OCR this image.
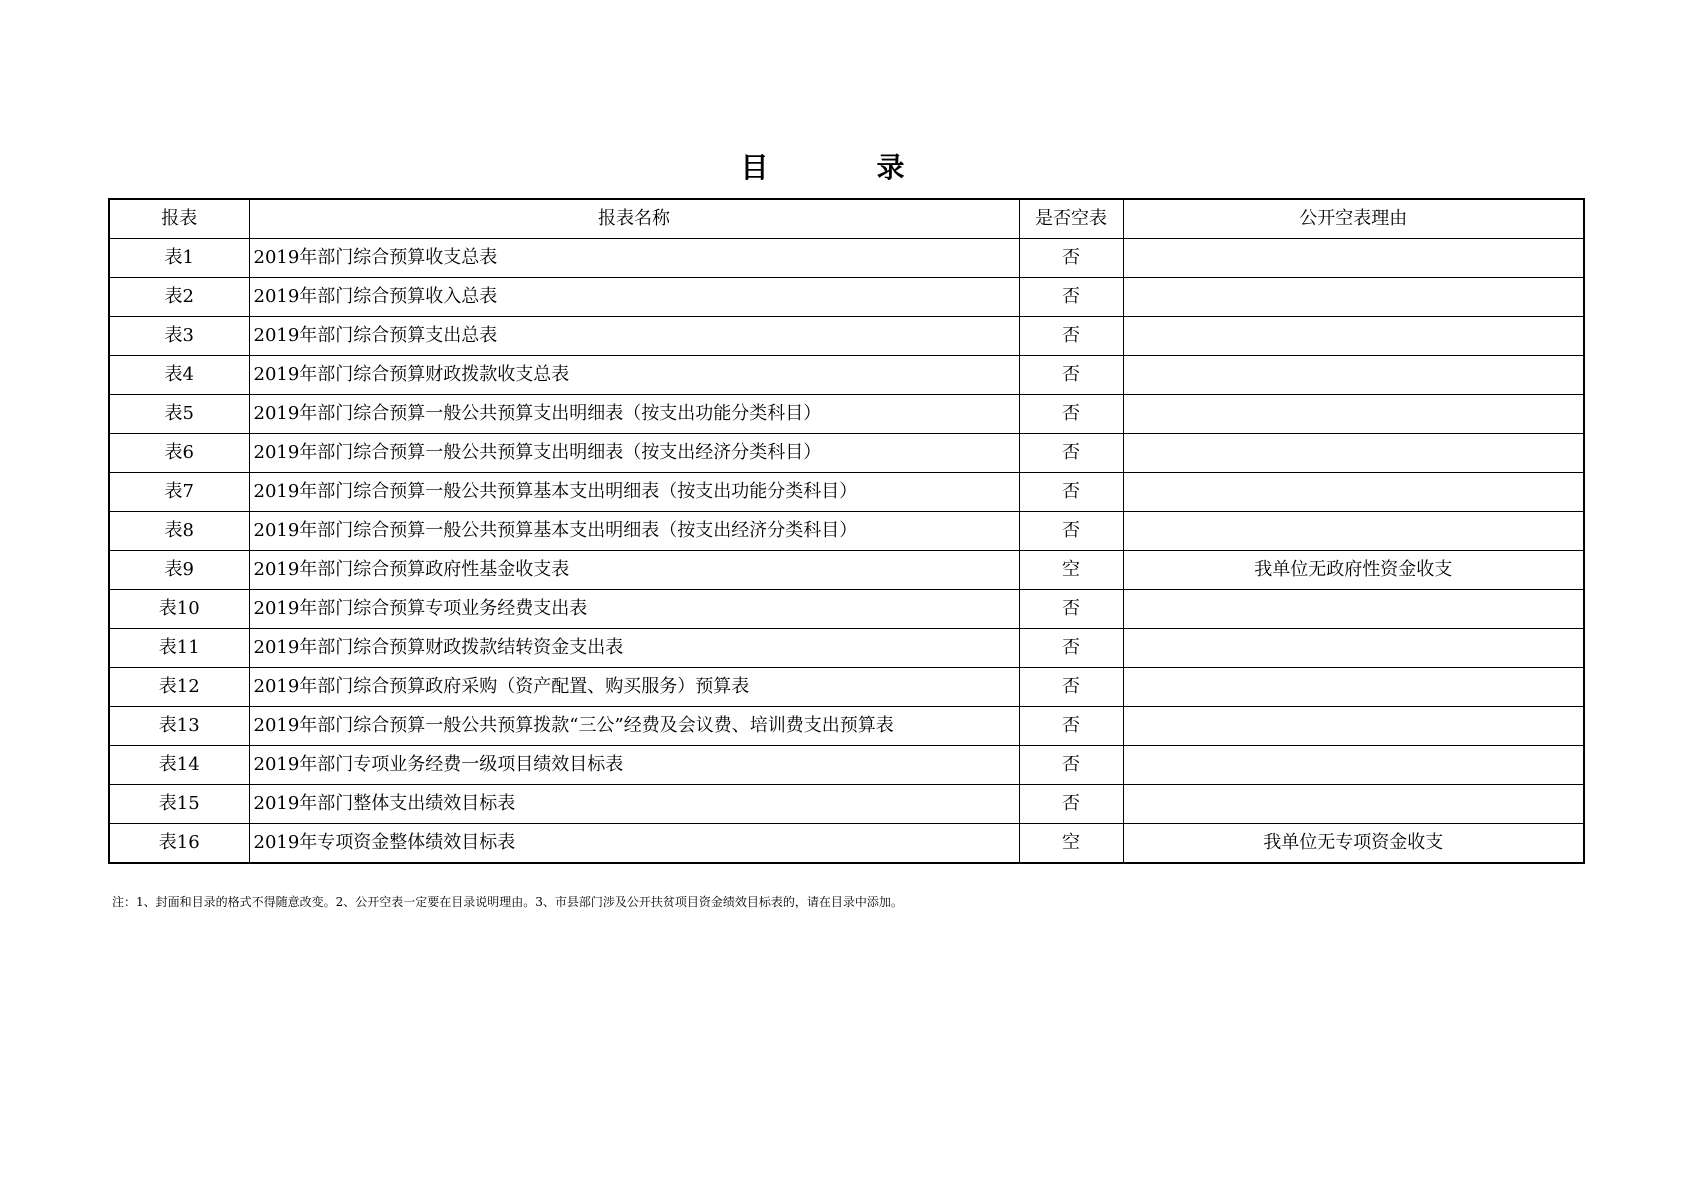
目　录
报表	报表名称	是否空表	公开空表理由
表1	2019年部门综合预算收支总表	否	
表2	2019年部门综合预算收入总表	否	
表3	2019年部门综合预算支出总表	否	
表4	2019年部门综合预算财政拨款收支总表	否	
表5	2019年部门综合预算一般公共预算支出明细表（按支出功能分类科目）	否	
表6	2019年部门综合预算一般公共预算支出明细表（按支出经济分类科目）	否	
表7	2019年部门综合预算一般公共预算基本支出明细表（按支出功能分类科目）	否	
表8	2019年部门综合预算一般公共预算基本支出明细表（按支出经济分类科目）	否	
表9	2019年部门综合预算政府性基金收支表	空	我单位无政府性资金收支
表10	2019年部门综合预算专项业务经费支出表	否	
表11	2019年部门综合预算财政拨款结转资金支出表	否	
表12	2019年部门综合预算政府采购（资产配置、购买服务）预算表	否	
表13	2019年部门综合预算一般公共预算拨款“三公”经费及会议费、培训费支出预算表	否	
表14	2019年部门专项业务经费一级项目绩效目标表	否	
表15	2019年部门整体支出绩效目标表	否	
表16	2019年专项资金整体绩效目标表	空	我单位无专项资金收支
注：1、封面和目录的格式不得随意改变。2、公开空表一定要在目录说明理由。3、市县部门涉及公开扶贫项目资金绩效目标表的，请在目录中添加。
